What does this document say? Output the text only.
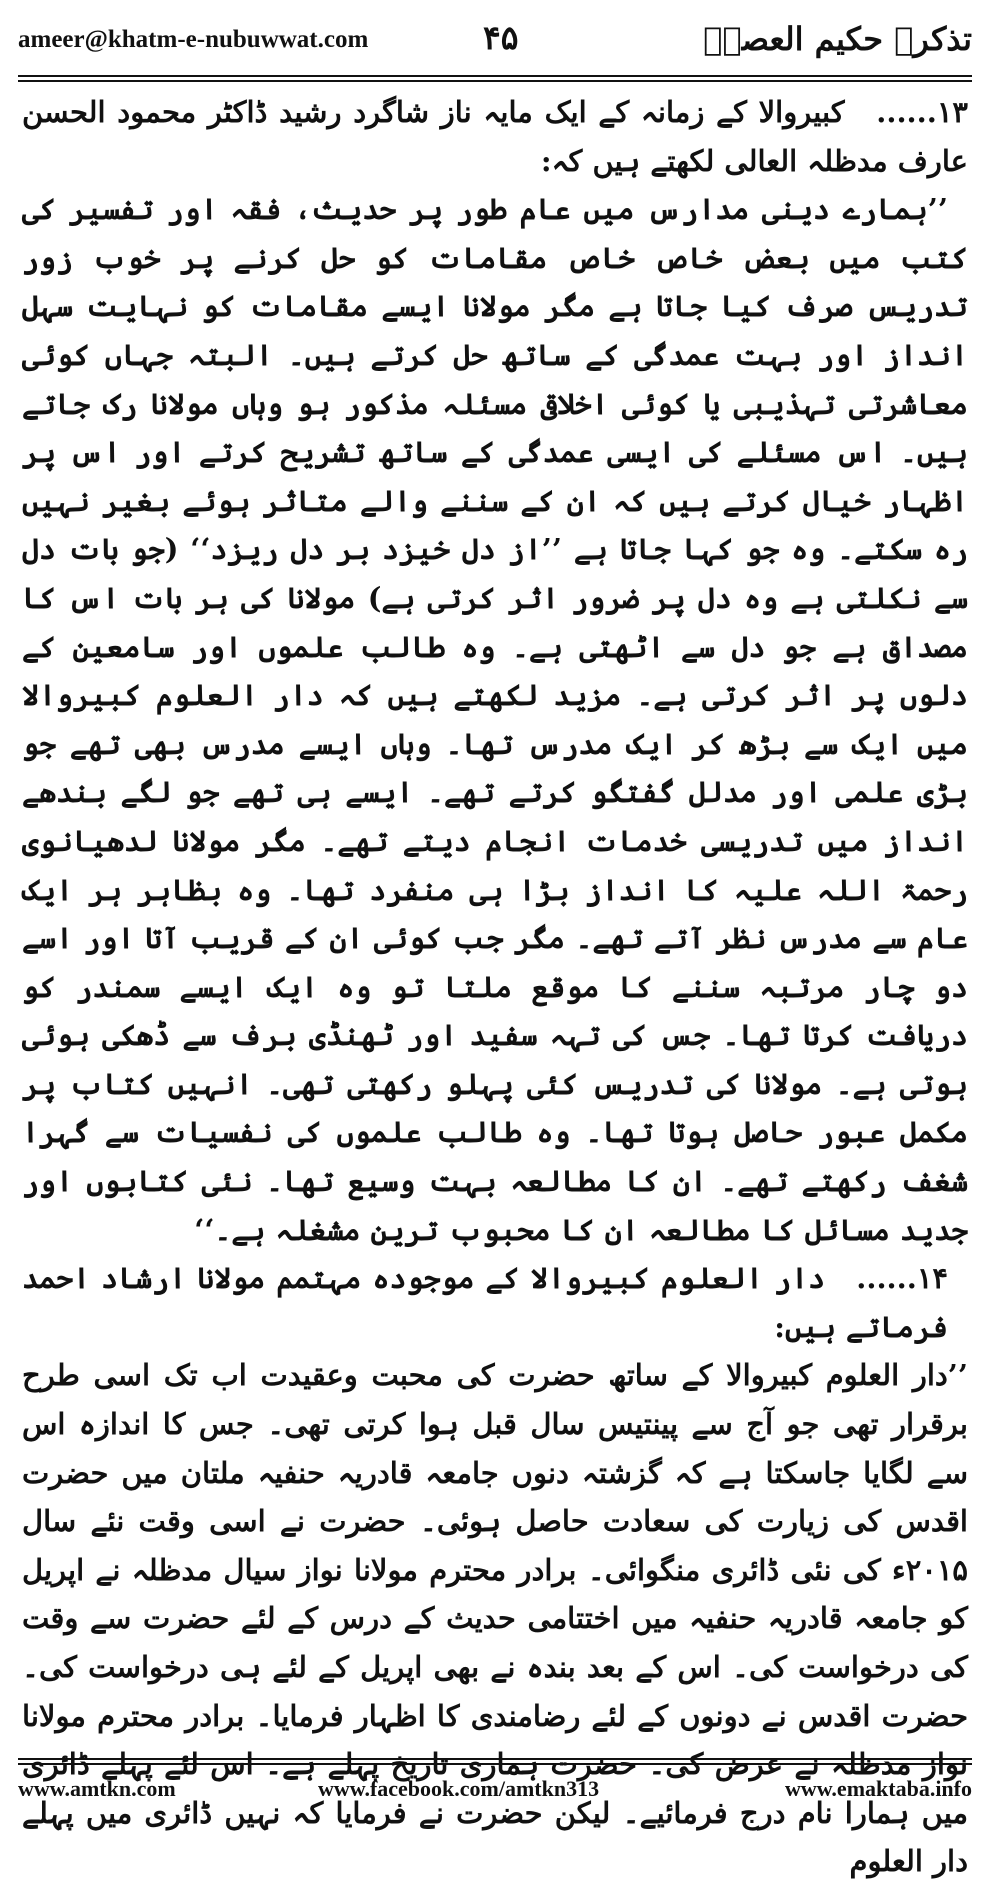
ameer@khatm-e-nubuwwat.com	۴۵	تذکرہ حکیم العصرؒ

۱۳...... کبیروالا کے زمانہ کے ایک مایہ ناز شاگرد رشید ڈاکٹر محمود الحسن عارف مدظلہ العالی لکھتے ہیں کہ:

’’ہمارے دینی مدارس میں عام طور پر حدیث، فقہ اور تفسیر کی کتب میں بعض خاص خاص مقامات کو حل کرنے پر خوب زور تدریس صرف کیا جاتا ہے مگر مولانا ایسے مقامات کو نہایت سہل انداز اور بہت عمدگی کے ساتھ حل کرتے ہیں۔ البتہ جہاں کوئی معاشرتی تہذیبی یا کوئی اخلاقی مسئلہ مذکور ہو وہاں مولانا رک جاتے ہیں۔ اس مسئلے کی ایسی عمدگی کے ساتھ تشریح کرتے اور اس پر اظہار خیال کرتے ہیں کہ ان کے سننے والے متاثر ہوئے بغیر نہیں رہ سکتے۔ وہ جو کہا جاتا ہے ’’از دل خیزد بر دل ریزد‘‘ (جو بات دل سے نکلتی ہے وہ دل پر ضرور اثر کرتی ہے) مولانا کی ہر بات اس کا مصداق ہے جو دل سے اٹھتی ہے۔ وہ طالب علموں اور سامعین کے دلوں پر اثر کرتی ہے۔ مزید لکھتے ہیں کہ دار العلوم کبیروالا میں ایک سے بڑھ کر ایک مدرس تھا۔ وہاں ایسے مدرس بھی تھے جو بڑی علمی اور مدلل گفتگو کرتے تھے۔ ایسے ہی تھے جو لگے بندھے انداز میں تدریسی خدمات انجام دیتے تھے۔ مگر مولانا لدھیانوی رحمۃ اللہ علیہ کا انداز بڑا ہی منفرد تھا۔ وہ بظاہر ہر ایک عام سے مدرس نظر آتے تھے۔ مگر جب کوئی ان کے قریب آتا اور اسے دو چار مرتبہ سننے کا موقع ملتا تو وہ ایک ایسے سمندر کو دریافت کرتا تھا۔ جس کی تہہ سفید اور ٹھنڈی برف سے ڈھکی ہوئی ہوتی ہے۔ مولانا کی تدریس کئی پہلو رکھتی تھی۔ انہیں کتاب پر مکمل عبور حاصل ہوتا تھا۔ وہ طالب علموں کی نفسیات سے گہرا شغف رکھتے تھے۔ ان کا مطالعہ بہت وسیع تھا۔ نئی کتابوں اور جدید مسائل کا مطالعہ ان کا محبوب ترین مشغلہ ہے۔‘‘

۱۴...... دار العلوم کبیروالا کے موجودہ مہتمم مولانا ارشاد احمد فرماتے ہیں:

’’دار العلوم کبیروالا کے ساتھ حضرت کی محبت وعقیدت اب تک اسی طرح برقرار تھی جو آج سے پینتیس سال قبل ہوا کرتی تھی۔ جس کا اندازہ اس سے لگایا جاسکتا ہے کہ گزشتہ دنوں جامعہ قادریہ حنفیہ ملتان میں حضرت اقدس کی زیارت کی سعادت حاصل ہوئی۔ حضرت نے اسی وقت نئے سال ۲۰۱۵ء کی نئی ڈائری منگوائی۔ برادر محترم مولانا نواز سیال مدظلہ نے اپریل کو جامعہ قادریہ حنفیہ میں اختتامی حدیث کے درس کے لئے حضرت سے وقت کی درخواست کی۔ اس کے بعد بندہ نے بھی اپریل کے لئے ہی درخواست کی۔ حضرت اقدس نے دونوں کے لئے رضامندی کا اظہار فرمایا۔ برادر محترم مولانا نواز مدظلہ نے عرض کی۔ حضرت ہماری تاریخ پہلے ہے۔ اس لئے پہلے ڈائری میں ہمارا نام درج فرمائیے۔ لیکن حضرت نے فرمایا کہ نہیں ڈائری میں پہلے دار العلوم

www.amtkn.com	www.facebook.com/amtkn313	www.emaktaba.info
